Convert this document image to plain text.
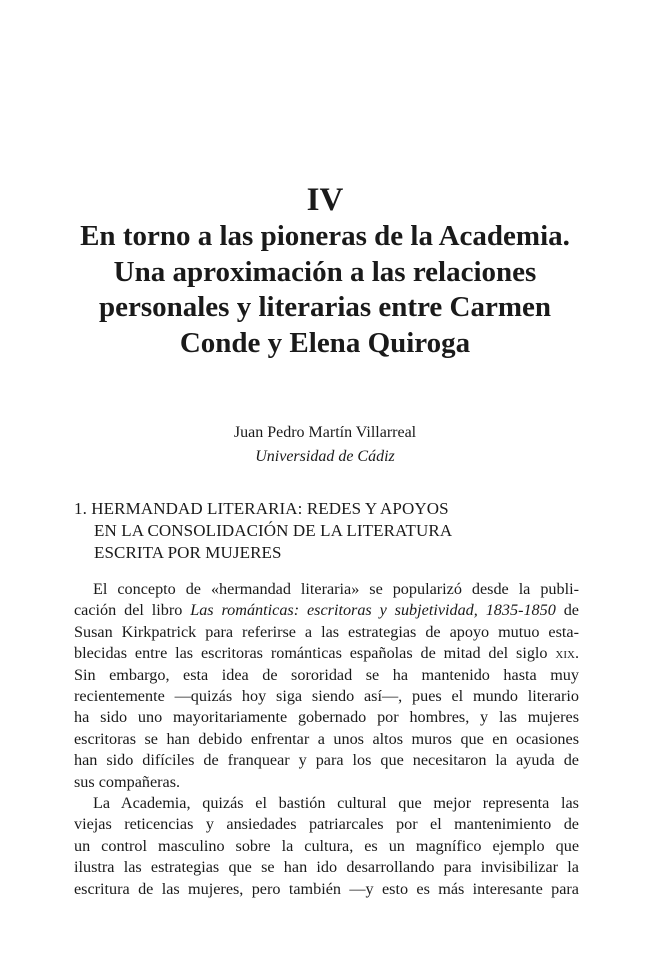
IV
En torno a las pioneras de la Academia.
Una aproximación a las relaciones
personales y literarias entre Carmen
Conde y Elena Quiroga
Juan Pedro Martín Villarreal
Universidad de Cádiz
1. HERMANDAD LITERARIA: REDES Y APOYOS
EN LA CONSOLIDACIÓN DE LA LITERATURA
ESCRITA POR MUJERES
El concepto de «hermandad literaria» se popularizó desde la publi-
cación del libro Las románticas: escritoras y subjetividad, 1835-1850 de
Susan Kirkpatrick para referirse a las estrategias de apoyo mutuo esta-
blecidas entre las escritoras románticas españolas de mitad del siglo xix.
Sin embargo, esta idea de sororidad se ha mantenido hasta muy
recientemente —quizás hoy siga siendo así—, pues el mundo literario
ha sido uno mayoritariamente gobernado por hombres, y las mujeres
escritoras se han debido enfrentar a unos altos muros que en ocasiones
han sido difíciles de franquear y para los que necesitaron la ayuda de
sus compañeras.
La Academia, quizás el bastión cultural que mejor representa las
viejas reticencias y ansiedades patriarcales por el mantenimiento de
un control masculino sobre la cultura, es un magnífico ejemplo que
ilustra las estrategias que se han ido desarrollando para invisibilizar la
escritura de las mujeres, pero también —y esto es más interesante para
